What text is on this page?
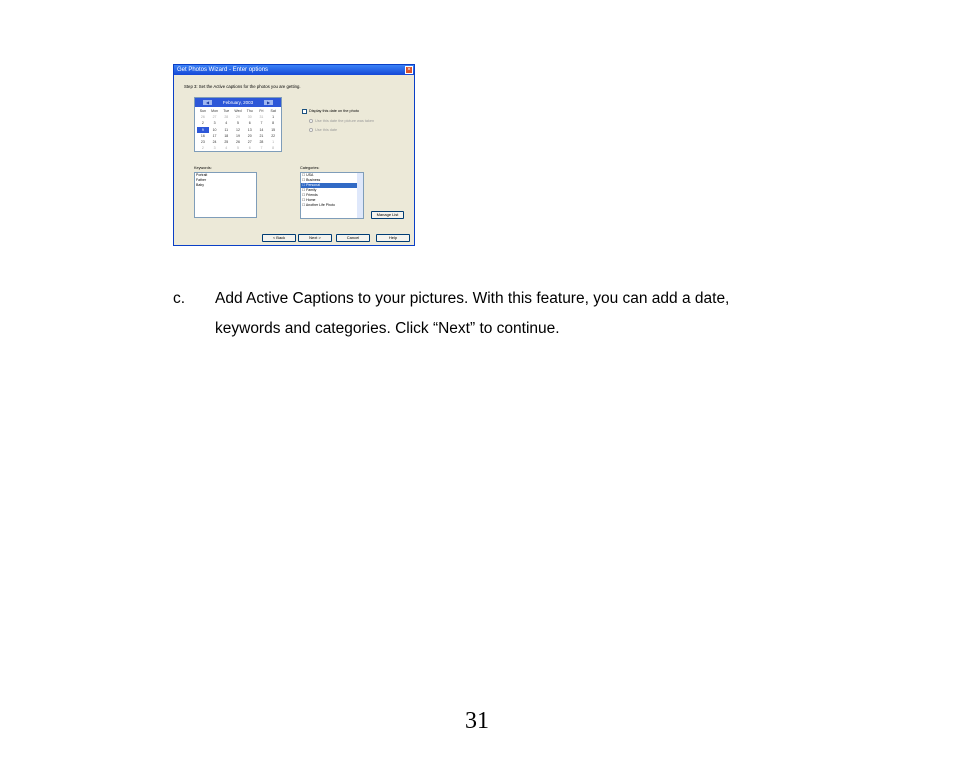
Get Photos Wizard - Enter options	×
Step 3: Set the Active captions for the photos you are getting.
◀	February, 2003	▶
Sun	Mon	Tue	Wed	Thu	Fri	Sat
26	27	28	29	30	31	1
2	3	4	5	6	7	8
9	10	11	12	13	14	15
16	17	18	19	20	21	22
23	24	25	26	27	28	1
2	3	4	5	6	7	8
Display this date on the photo
Use this date the picture was taken
Use this date
Keywords:
Portrait
Father
Baby
Categories:
☐ USA
☐ Business
☐ Personal
☐ Family
☐ Friends
☐ Home
☐ Another Life Photo
Manage List
< Back	Next >	Cancel	Help
c. Add Active Captions to your pictures. With this feature, you can add a date,
keywords and categories. Click “Next” to continue.
31
